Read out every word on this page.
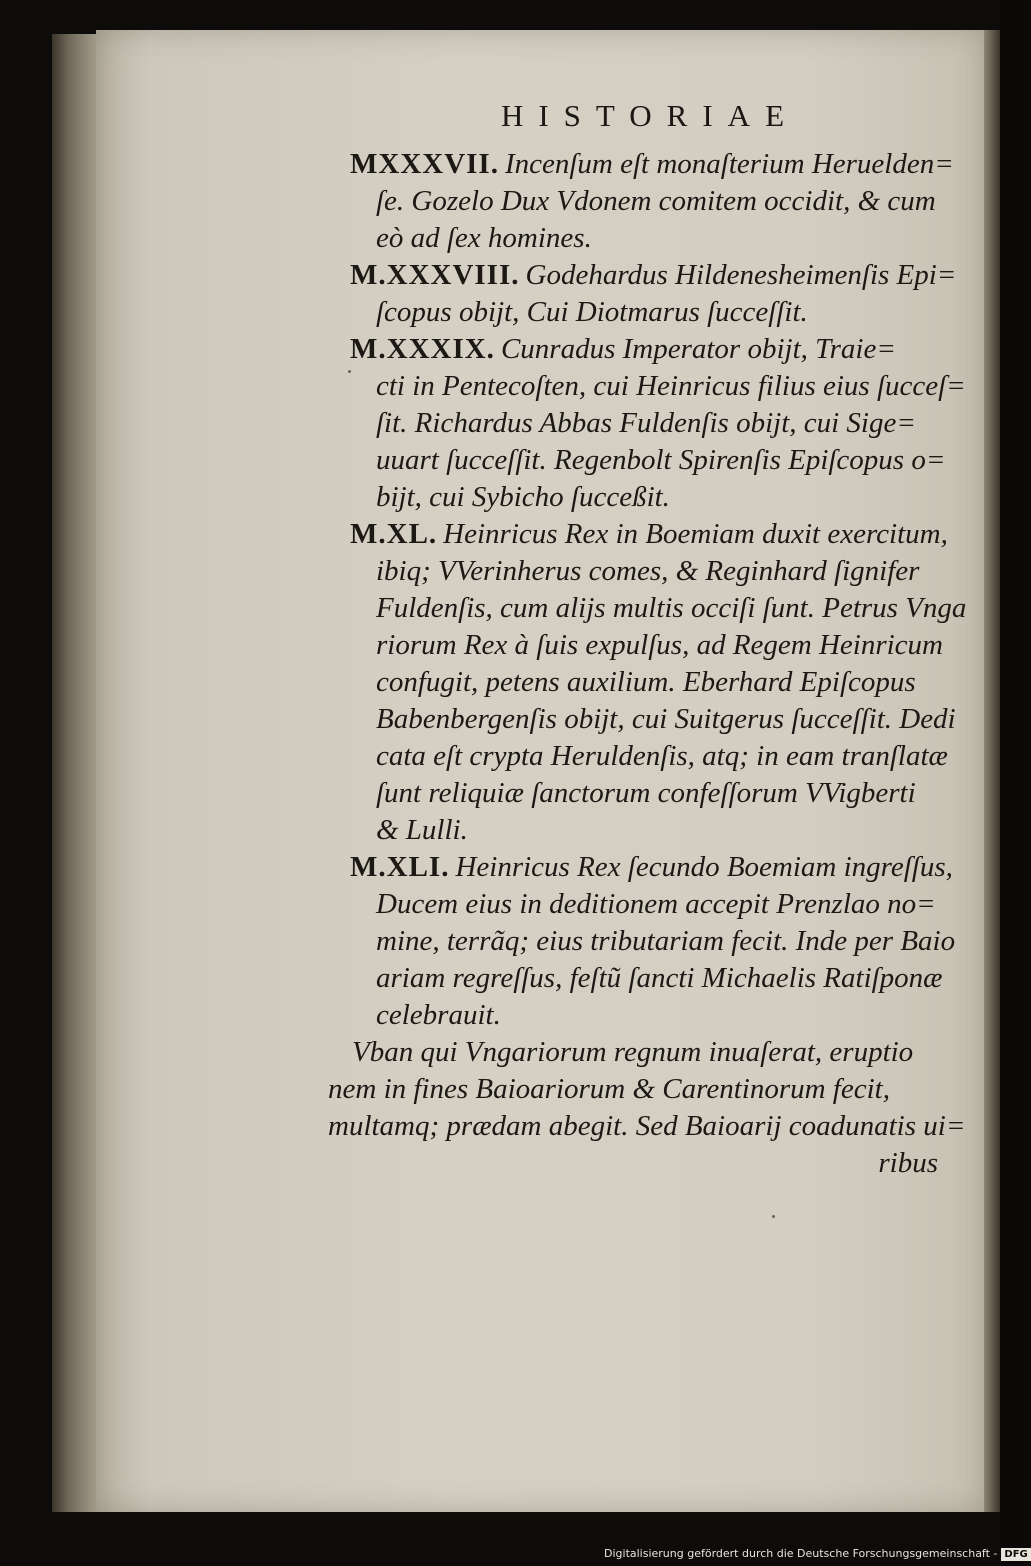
HISTORIAE
MXXXVII. Incenſum eſt monaſterium Heruelden=
ſe. Gozelo Dux Vdonem comitem occidit, & cum
eò ad ſex homines.
M.XXXVIII. Godehardus Hildenesheimenſis Epi=
ſcopus obijt, Cui Diotmarus ſucceſſit.
M.XXXIX. Cunradus Imperator obijt, Traie=
cti in Pentecoſten, cui Heinricus filius eius ſucceſ=
ſit. Richardus Abbas Fuldenſis obijt, cui Sige=
uuart ſucceſſit. Regenbolt Spirenſis Epiſcopus o=
bijt, cui Sybicho ſucceßit.
M.XL. Heinricus Rex in Boemiam duxit exercitum,
ibiq; VVerinherus comes, & Reginhard ſignifer
Fuldenſis, cum alijs multis occiſi ſunt. Petrus Vnga
riorum Rex à ſuis expulſus, ad Regem Heinricum
confugit, petens auxilium. Eberhard Epiſcopus
Babenbergenſis obijt, cui Suitgerus ſucceſſit. Dedi
cata eſt crypta Heruldenſis, atq; in eam tranſlatæ
ſunt reliquiæ ſanctorum confeſſorum VVigberti
& Lulli.
M.XLI. Heinricus Rex ſecundo Boemiam ingreſſus,
Ducem eius in deditionem accepit Prenzlao no=
mine, terrãq; eius tributariam fecit. Inde per Baio
ariam regreſſus, feſtũ ſancti Michaelis Ratiſponæ
celebrauit.
Vban qui Vngariorum regnum inuaſerat, eruptio
nem in fines Baioariorum & Carentinorum fecit,
multamq; prædam abegit. Sed Baioarij coadunatis ui=
ribus
Digitalisierung gefördert durch die Deutsche Forschungsgemeinschaft - DFG
